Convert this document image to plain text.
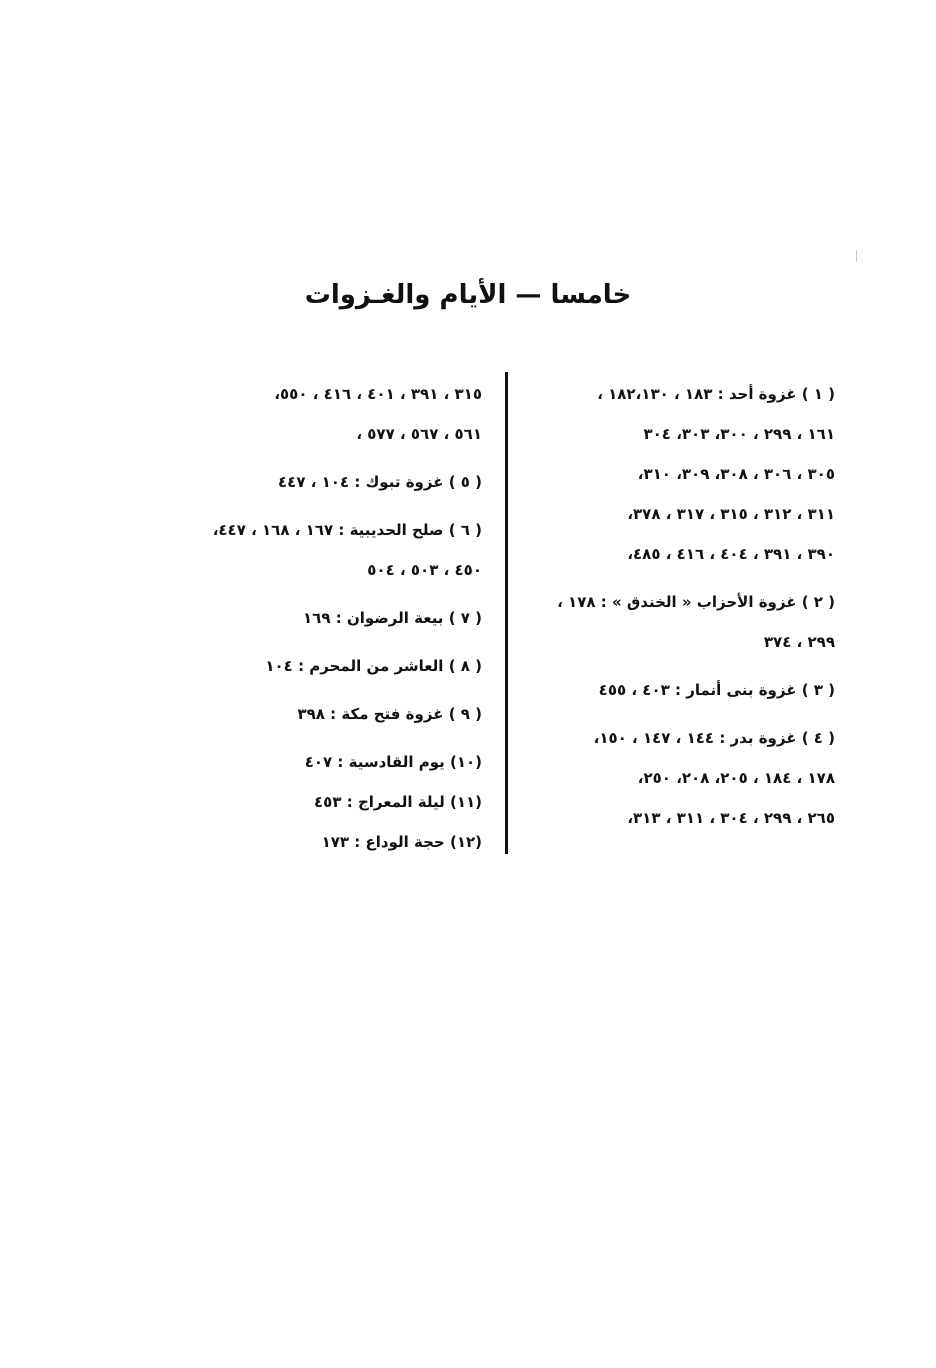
خامسا — الأيام والغـزوات
( ١ ) غزوة أحد : ١٨٣ ، ١٨٢،١٣٠ ،
١٦١ ، ٢٩٩ ، ٣٠٠، ٣٠٣، ٣٠٤
٣٠٥ ، ٣٠٦ ، ٣٠٨، ٣٠٩، ٣١٠،
٣١١ ، ٣١٢ ، ٣١٥ ، ٣١٧ ، ٣٧٨،
٣٩٠ ، ٣٩١ ، ٤٠٤ ، ٤١٦ ، ٤٨٥،
( ٢ ) غزوة الأحزاب « الخندق » : ١٧٨ ،
٢٩٩ ، ٣٧٤
( ٣ ) غزوة بنى أنمار : ٤٠٣ ، ٤٥٥
( ٤ ) غزوة بدر : ١٤٤ ، ١٤٧ ، ١٥٠،
١٧٨ ، ١٨٤ ، ٢٠٥، ٢٠٨، ٢٥٠،
٢٦٥ ، ٢٩٩ ، ٣٠٤ ، ٣١١ ، ٣١٣،
٣١٥ ، ٣٩١ ، ٤٠١ ، ٤١٦ ، ٥٥٠،
٥٦١ ، ٥٦٧ ، ٥٧٧ ،
( ٥ ) غزوة تبوك : ١٠٤ ، ٤٤٧
( ٦ ) صلح الحديبية : ١٦٧ ، ١٦٨ ، ٤٤٧،
٤٥٠ ، ٥٠٣ ، ٥٠٤
( ٧ ) بيعة الرضوان : ١٦٩
( ٨ ) العاشر من المحرم : ١٠٤
( ٩ ) غزوة فتح مكة : ٣٩٨
(١٠) يوم القادسية : ٤٠٧
(١١) ليلة المعراج : ٤٥٣
(١٢) حجة الوداع : ١٧٣
